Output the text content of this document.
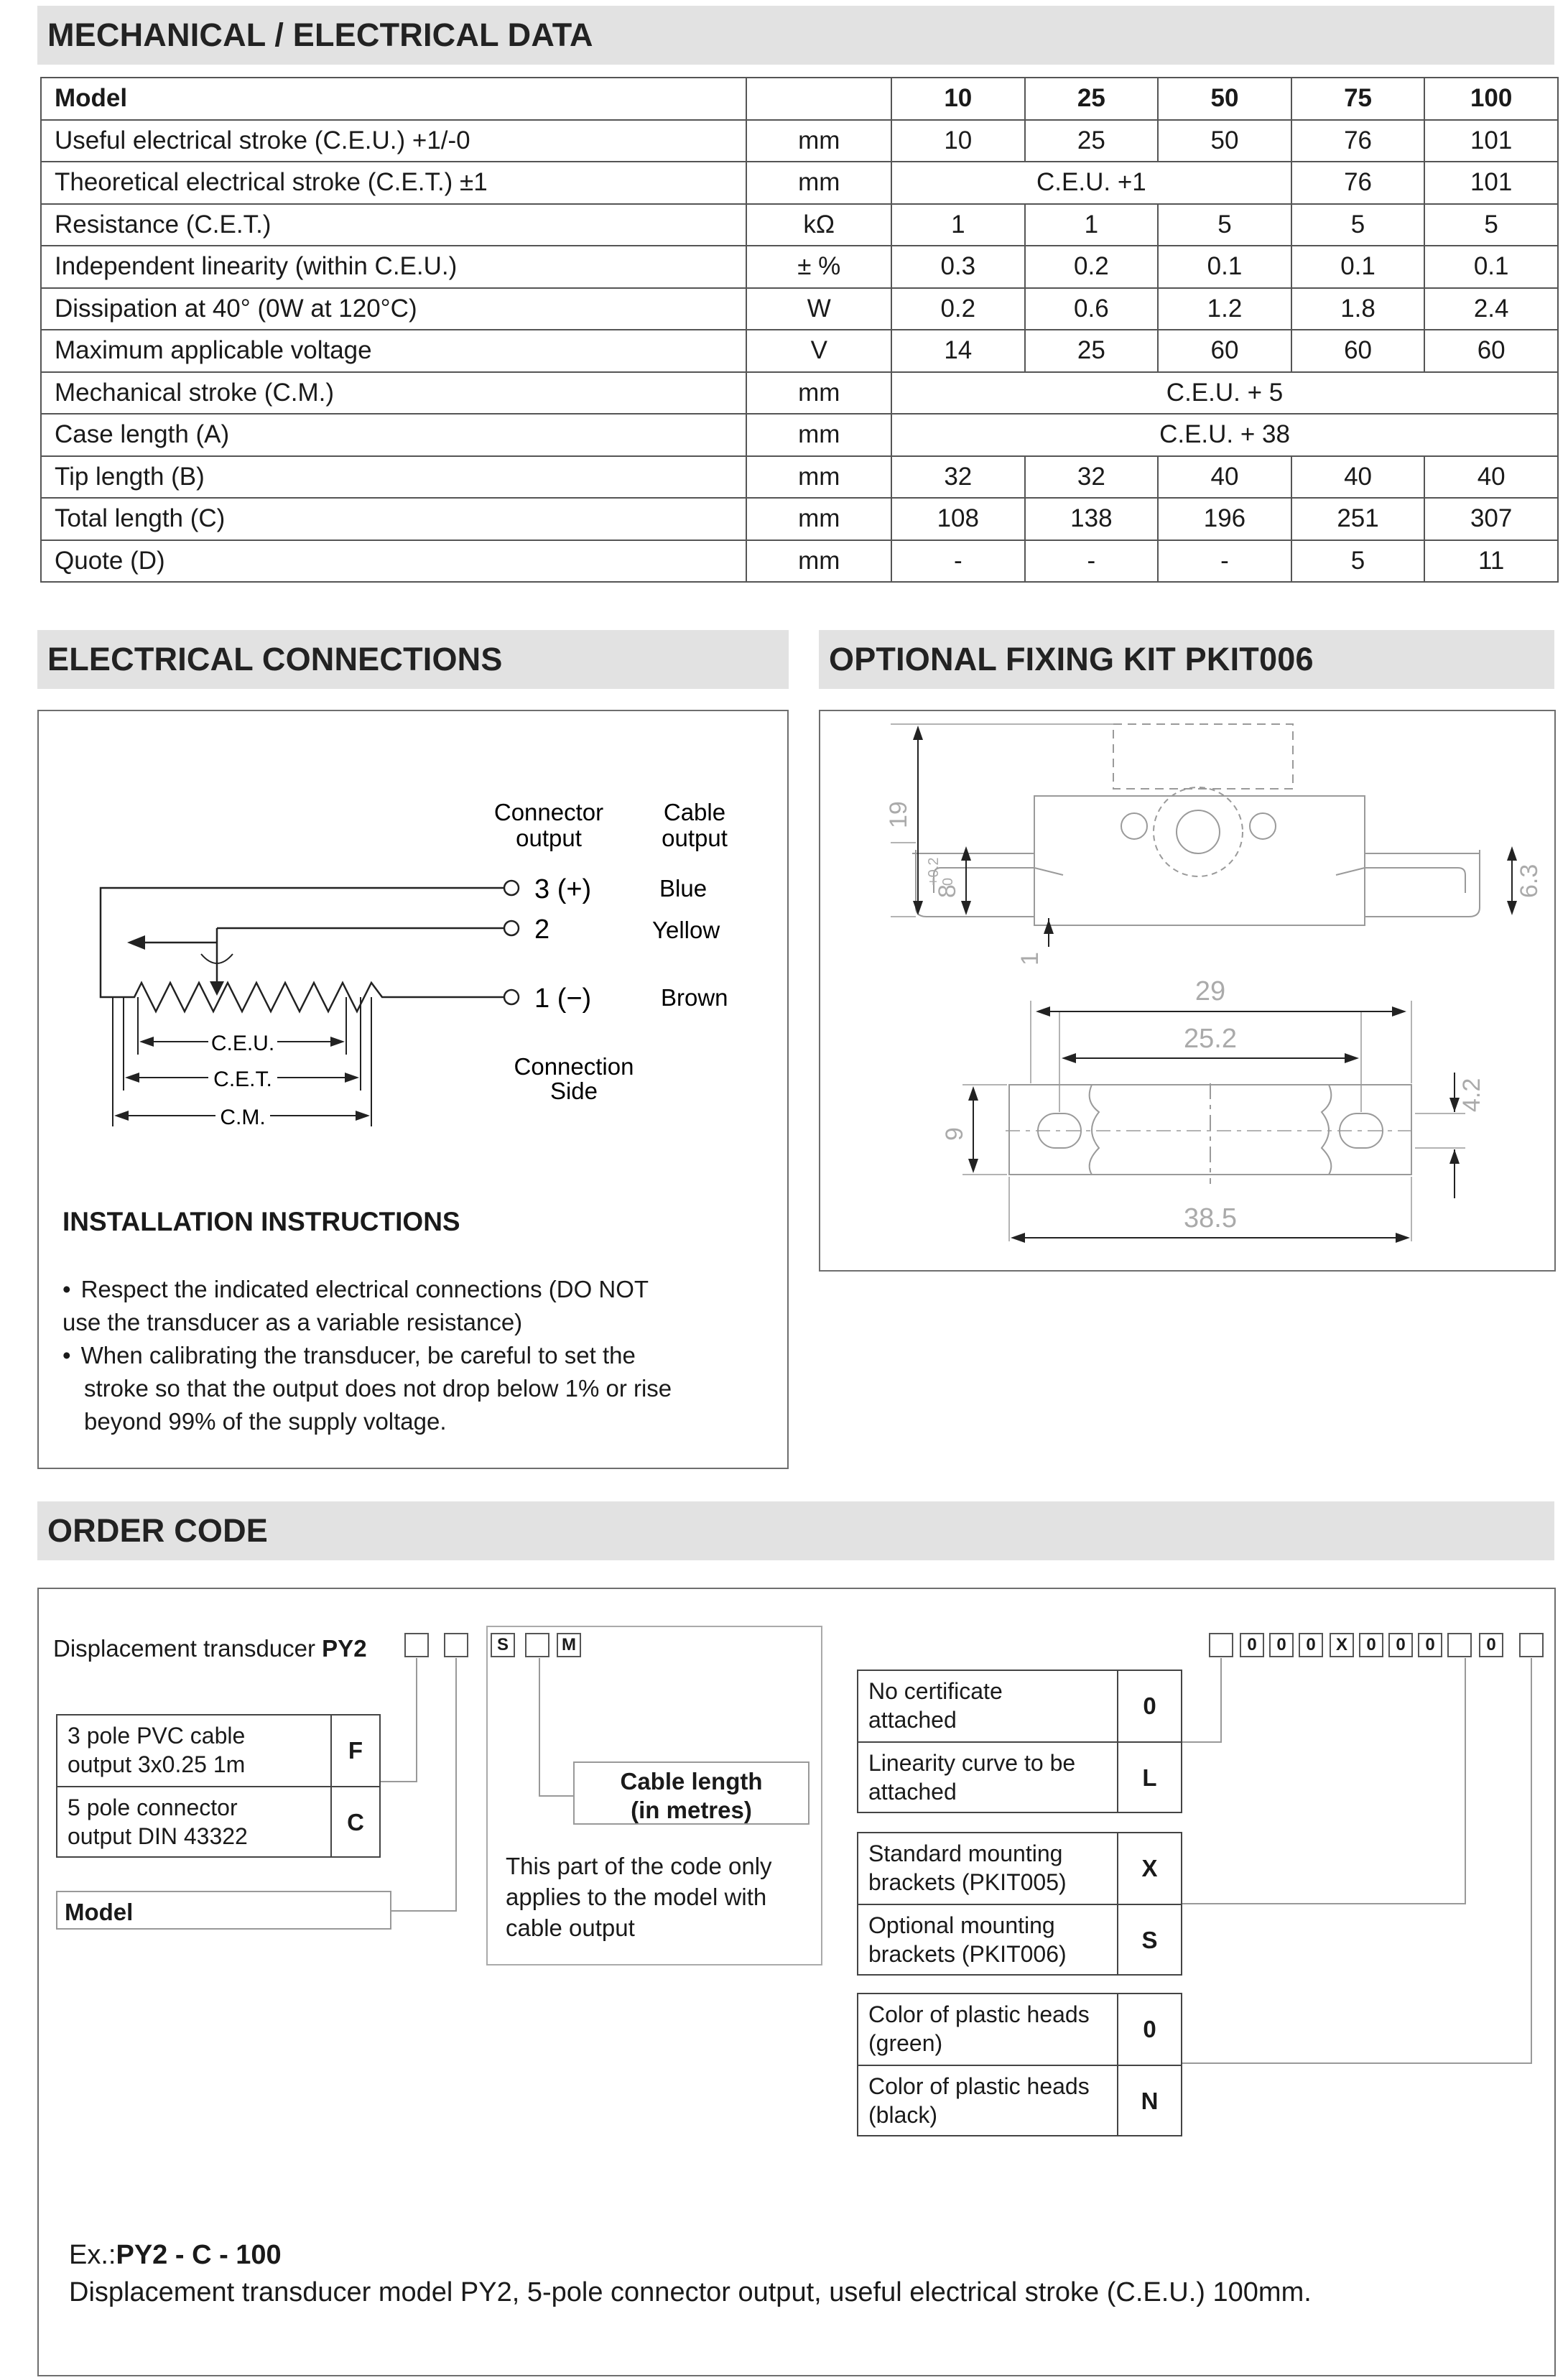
MECHANICAL / ELECTRICAL DATA
Model		10	25	50	75	100
Useful electrical stroke (C.E.U.) +1/-0	mm	10	25	50	76	101
Theoretical electrical stroke (C.E.T.) ±1	mm	C.E.U. +1			76	101
Resistance (C.E.T.)	kΩ	1	1	5	5	5
Independent linearity (within C.E.U.)	± %	0.3	0.2	0.1	0.1	0.1
Dissipation at 40° (0W at 120°C)	W	0.2	0.6	1.2	1.8	2.4
Maximum applicable voltage	V	14	25	60	60	60
Mechanical stroke (C.M.)	mm	C.E.U. + 5				
Case length (A)	mm	C.E.U. + 38				
Tip length (B)	mm	32	32	40	40	40
Total length (C)	mm	108	138	196	251	307
Quote (D)	mm	-	-	-	5	11
ELECTRICAL CONNECTIONS
Connector
output
Cable
output
3 (+)
2
1 (−)
Blue
Yellow
Brown
C.E.U.
C.E.T.
C.M.
Connection
Side
INSTALLATION INSTRUCTIONS
• Respect the indicated electrical connections (DO NOT
use the transducer as a variable resistance)
• When calibrating the transducer, be careful to set the
stroke so that the output does not drop below 1% or rise
beyond 99% of the supply voltage.
OPTIONAL FIXING KIT PKIT006
19
8
+0.2
0	6.3
1
29
25.2
4.2
9
38.5
ORDER CODE
Displacement transducer PY2
3 pole PVC cable
output 3x0.25 1m
F
5 pole connector
output DIN 43322
C
Model
S	M
Cable length
(in metres)
This part of the code only
applies to the model with
cable output
No certificate
attached
0
Linearity curve to be
attached
L
Standard mounting
brackets (PKIT005)
X
Optional mounting
brackets (PKIT006)
S
Color of plastic heads
(green)
0
Color of plastic heads
(black)
N
0	0	0	X	0	0	0	0
Ex.:PY2 - C - 100
Displacement transducer model PY2, 5-pole connector output, useful electrical stroke (C.E.U.) 100mm.
